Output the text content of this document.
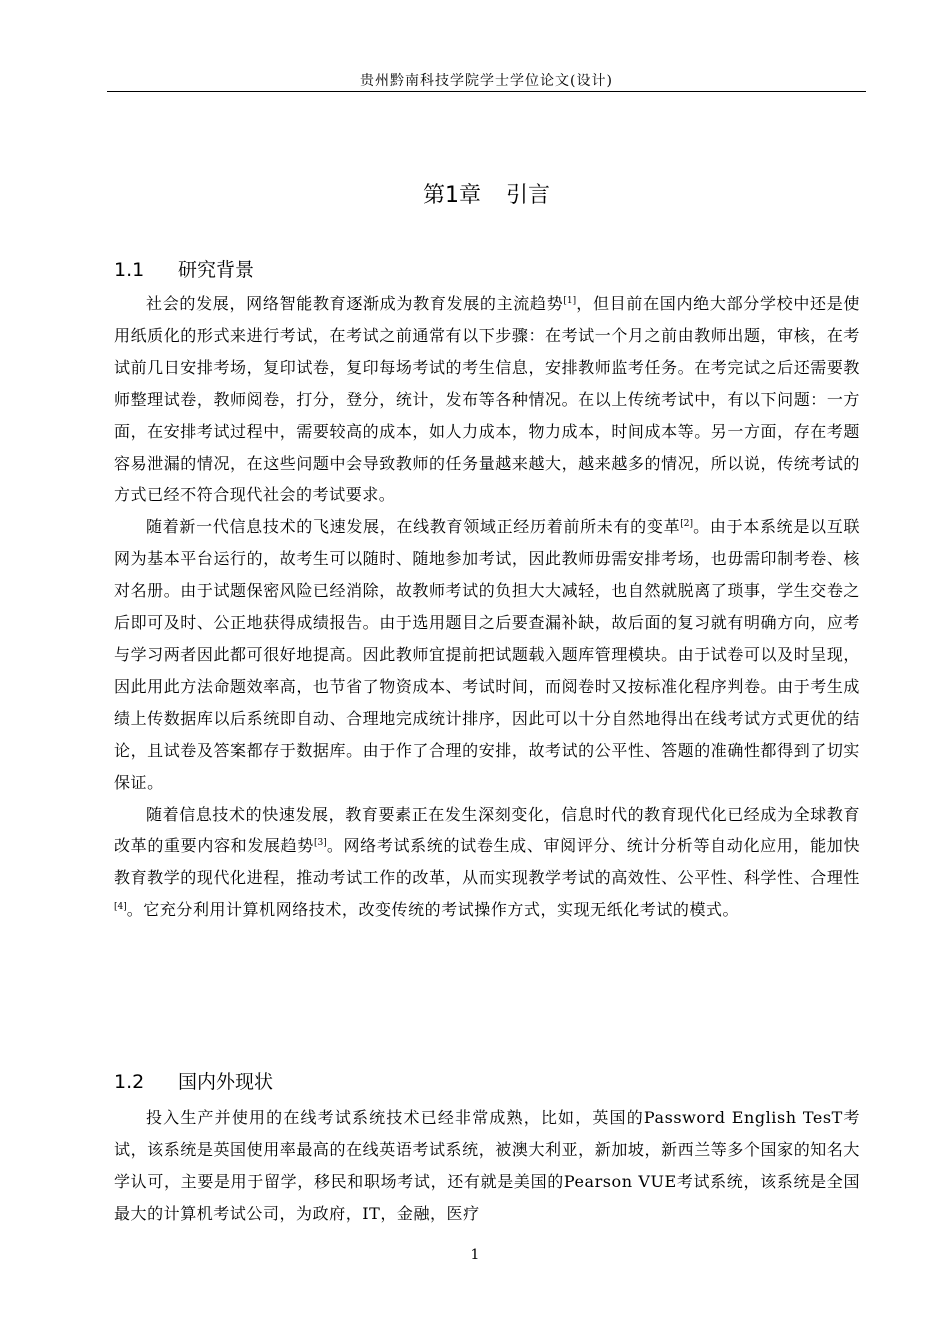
贵州黔南科技学院学士学位论文(设计)
第1章 引言
1.1 研究背景

社会的发展，网络智能教育逐渐成为教育发展的主流趋势[1]，但目前在国内绝大部分学校中还是使用纸质化的形式来进行考试，在考试之前通常有以下步骤：在考试一个月之前由教师出题，审核，在考试前几日安排考场，复印试卷，复印每场考试的考生信息，安排教师监考任务。在考完试之后还需要教师整理试卷，教师阅卷，打分，登分，统计，发布等各种情况。在以上传统考试中，有以下问题：一方面，在安排考试过程中，需要较高的成本，如人力成本，物力成本，时间成本等。另一方面，存在考题容易泄漏的情况，在这些问题中会导致教师的任务量越来越大，越来越多的情况，所以说，传统考试的方式已经不符合现代社会的考试要求。

随着新一代信息技术的飞速发展，在线教育领域正经历着前所未有的变革[2]。由于本系统是以互联网为基本平台运行的，故考生可以随时、随地参加考试，因此教师毋需安排考场，也毋需印制考卷、核对名册。由于试题保密风险已经消除，故教师考试的负担大大减轻，也自然就脱离了琐事，学生交卷之后即可及时、公正地获得成绩报告。由于选用题目之后要查漏补缺，故后面的复习就有明确方向，应考与学习两者因此都可很好地提高。因此教师宜提前把试题载入题库管理模块。由于试卷可以及时呈现，因此用此方法命题效率高，也节省了物资成本、考试时间，而阅卷时又按标准化程序判卷。由于考生成绩上传数据库以后系统即自动、合理地完成统计排序，因此可以十分自然地得出在线考试方式更优的结论，且试卷及答案都存于数据库。由于作了合理的安排，故考试的公平性、答题的准确性都得到了切实保证。

随着信息技术的快速发展，教育要素正在发生深刻变化，信息时代的教育现代化已经成为全球教育改革的重要内容和发展趋势[3]。网络考试系统的试卷生成、审阅评分、统计分析等自动化应用，能加快教育教学的现代化进程，推动考试工作的改革，从而实现教学考试的高效性、公平性、科学性、合理性[4]。它充分利用计算机网络技术，改变传统的考试操作方式，实现无纸化考试的模式。

1.2 国内外现状

投入生产并使用的在线考试系统技术已经非常成熟，比如，英国的Password English TesT考试，该系统是英国使用率最高的在线英语考试系统，被澳大利亚，新加坡，新西兰等多个国家的知名大学认可，主要是用于留学，移民和职场考试，还有就是美国的Pearson VUE考试系统，该系统是全国最大的计算机考试公司，为政府，IT，金融，医疗

1
